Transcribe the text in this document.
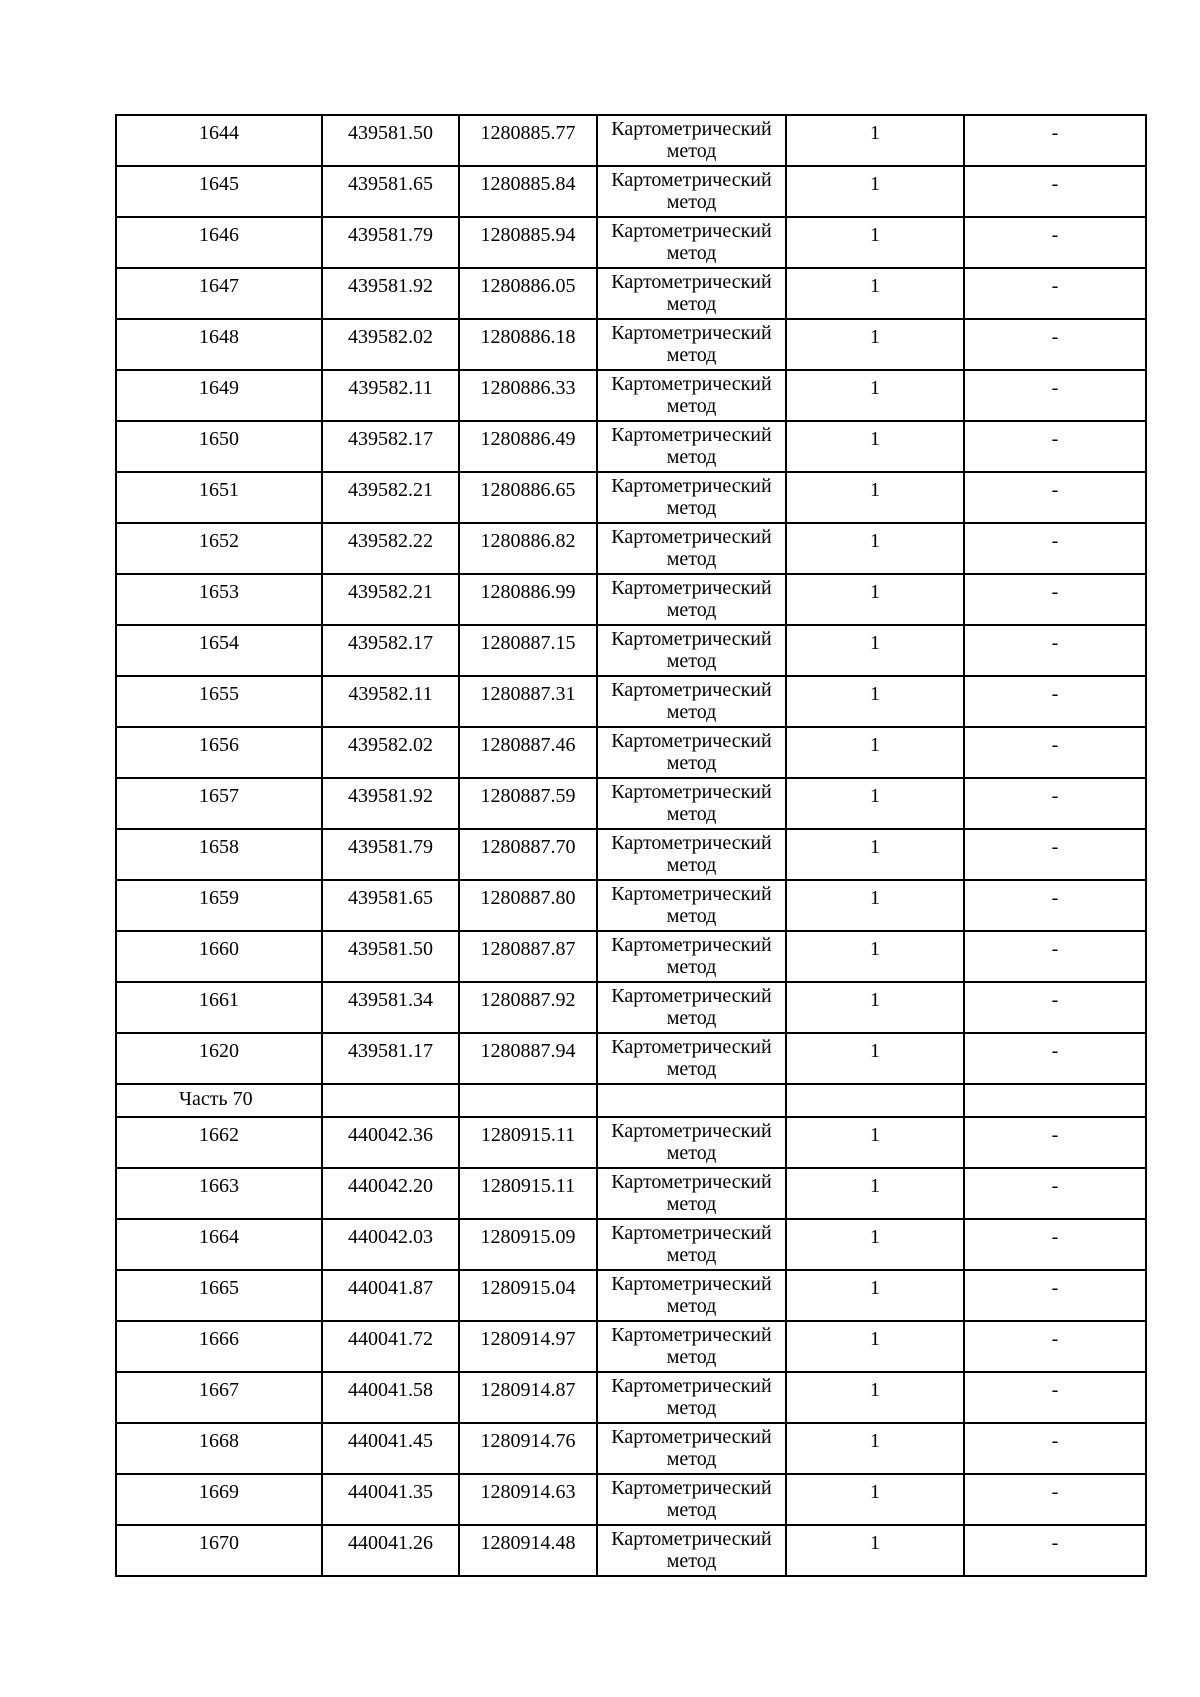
1644	439581.50	1280885.77	Картометрический
метод	1	-
1645	439581.65	1280885.84	Картометрический
метод	1	-
1646	439581.79	1280885.94	Картометрический
метод	1	-
1647	439581.92	1280886.05	Картометрический
метод	1	-
1648	439582.02	1280886.18	Картометрический
метод	1	-
1649	439582.11	1280886.33	Картометрический
метод	1	-
1650	439582.17	1280886.49	Картометрический
метод	1	-
1651	439582.21	1280886.65	Картометрический
метод	1	-
1652	439582.22	1280886.82	Картометрический
метод	1	-
1653	439582.21	1280886.99	Картометрический
метод	1	-
1654	439582.17	1280887.15	Картометрический
метод	1	-
1655	439582.11	1280887.31	Картометрический
метод	1	-
1656	439582.02	1280887.46	Картометрический
метод	1	-
1657	439581.92	1280887.59	Картометрический
метод	1	-
1658	439581.79	1280887.70	Картометрический
метод	1	-
1659	439581.65	1280887.80	Картометрический
метод	1	-
1660	439581.50	1280887.87	Картометрический
метод	1	-
1661	439581.34	1280887.92	Картометрический
метод	1	-
1620	439581.17	1280887.94	Картометрический
метод	1	-
Часть 70					
1662	440042.36	1280915.11	Картометрический
метод	1	-
1663	440042.20	1280915.11	Картометрический
метод	1	-
1664	440042.03	1280915.09	Картометрический
метод	1	-
1665	440041.87	1280915.04	Картометрический
метод	1	-
1666	440041.72	1280914.97	Картометрический
метод	1	-
1667	440041.58	1280914.87	Картометрический
метод	1	-
1668	440041.45	1280914.76	Картометрический
метод	1	-
1669	440041.35	1280914.63	Картометрический
метод	1	-
1670	440041.26	1280914.48	Картометрический
метод	1	-
